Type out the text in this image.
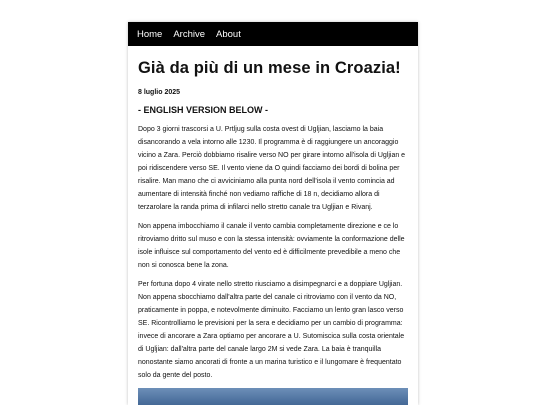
Home Archive About
Già da più di un mese in Croazia!
8 luglio 2025
- ENGLISH VERSION BELOW -

Dopo 3 giorni trascorsi a U. Prtljug sulla costa ovest di Ugljian, lasciamo la baia disancorando a vela intorno alle 1230. Il programma è di raggiungere un ancoraggio vicino a Zara. Perciò dobbiamo risalire verso NO per girare intorno all'isola di Ugljian e poi ridiscendere verso SE. Il vento viene da O quindi facciamo dei bordi di bolina per risalire. Man mano che ci avviciniamo alla punta nord dell'isola il vento comincia ad aumentare di intensità finché non vediamo raffiche di 18 n, decidiamo allora di terzarolare la randa prima di infilarci nello stretto canale tra Ugljian e Rivanj.

Non appena imbocchiamo il canale il vento cambia completamente direzione e ce lo ritroviamo dritto sul muso e con la stessa intensità: ovviamente la conformazione delle isole influisce sul comportamento del vento ed è difficilmente prevedibile a meno che non si conosca bene la zona.

Per fortuna dopo 4 virate nello stretto riusciamo a disimpegnarci e a doppiare Ugljian. Non appena sbocchiamo dall'altra parte del canale ci ritroviamo con il vento da NO, praticamente in poppa, e notevolmente diminuito. Facciamo un lento gran lasco verso SE. Ricontrolliamo le previsioni per la sera e decidiamo per un cambio di programma: invece di ancorare a Zara optiamo per ancorare a U. Sutomiscica sulla costa orientale di Ugljian: dall'altra parte del canale largo 2M si vede Zara. La baia è tranquilla nonostante siamo ancorati di fronte a un marina turistico e il lungomare è frequentato solo da gente del posto.
